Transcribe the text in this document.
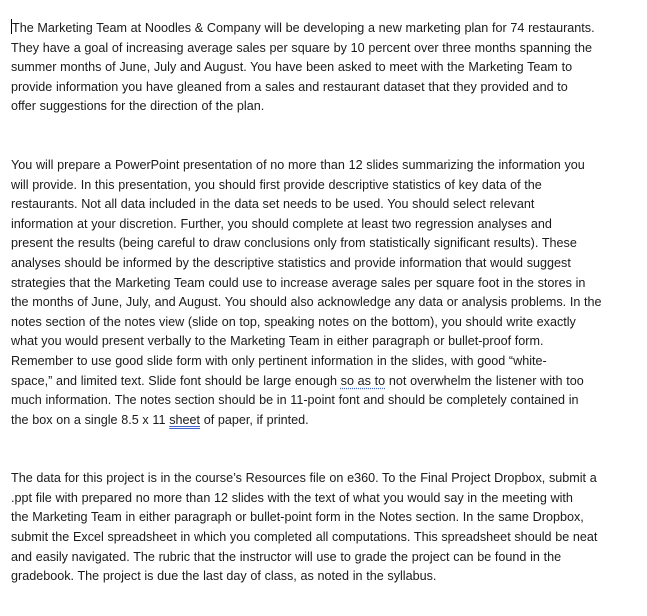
The Marketing Team at Noodles & Company will be developing a new marketing plan for 74 restaurants.
They have a goal of increasing average sales per square by 10 percent over three months spanning the
summer months of June, July and August. You have been asked to meet with the Marketing Team to
provide information you have gleaned from a sales and restaurant dataset that they provided and to
offer suggestions for the direction of the plan.

You will prepare a PowerPoint presentation of no more than 12 slides summarizing the information you
will provide. In this presentation, you should first provide descriptive statistics of key data of the
restaurants. Not all data included in the data set needs to be used. You should select relevant
information at your discretion. Further, you should complete at least two regression analyses and
present the results (being careful to draw conclusions only from statistically significant results). These
analyses should be informed by the descriptive statistics and provide information that would suggest
strategies that the Marketing Team could use to increase average sales per square foot in the stores in
the months of June, July, and August. You should also acknowledge any data or analysis problems. In the
notes section of the notes view (slide on top, speaking notes on the bottom), you should write exactly
what you would present verbally to the Marketing Team in either paragraph or bullet-proof form.
Remember to use good slide form with only pertinent information in the slides, with good “white-
space,” and limited text. Slide font should be large enough so as to not overwhelm the listener with too
much information. The notes section should be in 11-point font and should be completely contained in
the box on a single 8.5 x 11 sheet of paper, if printed.

The data for this project is in the course’s Resources file on e360. To the Final Project Dropbox, submit a
.ppt file with prepared no more than 12 slides with the text of what you would say in the meeting with
the Marketing Team in either paragraph or bullet-point form in the Notes section. In the same Dropbox,
submit the Excel spreadsheet in which you completed all computations. This spreadsheet should be neat
and easily navigated. The rubric that the instructor will use to grade the project can be found in the
gradebook. The project is due the last day of class, as noted in the syllabus.
